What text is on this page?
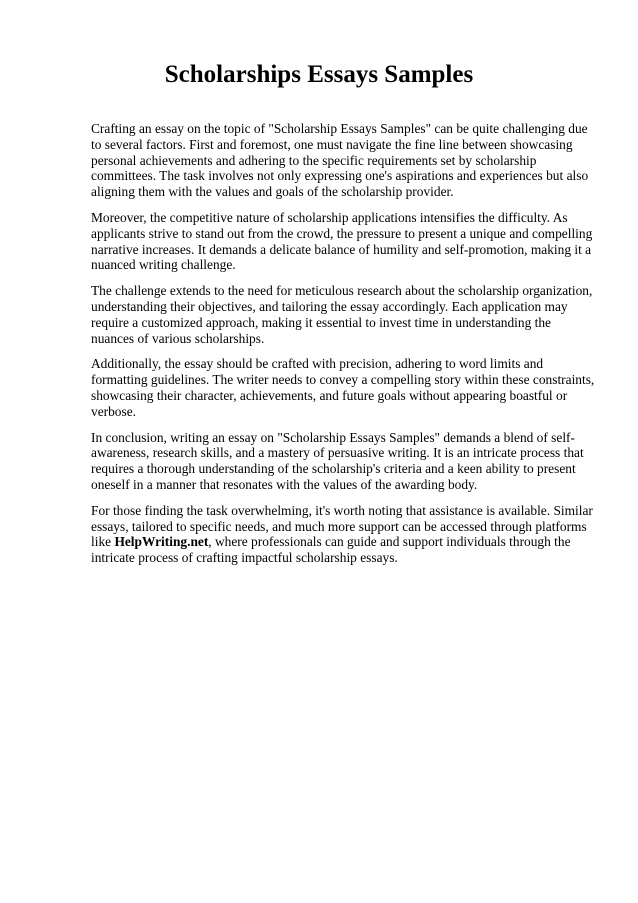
Scholarships Essays Samples

Crafting an essay on the topic of "Scholarship Essays Samples" can be quite challenging due to several factors. First and foremost, one must navigate the fine line between showcasing personal achievements and adhering to the specific requirements set by scholarship committees. The task involves not only expressing one's aspirations and experiences but also aligning them with the values and goals of the scholarship provider.

Moreover, the competitive nature of scholarship applications intensifies the difficulty. As applicants strive to stand out from the crowd, the pressure to present a unique and compelling narrative increases. It demands a delicate balance of humility and self-promotion, making it a nuanced writing challenge.

The challenge extends to the need for meticulous research about the scholarship organization, understanding their objectives, and tailoring the essay accordingly. Each application may require a customized approach, making it essential to invest time in understanding the nuances of various scholarships.

Additionally, the essay should be crafted with precision, adhering to word limits and formatting guidelines. The writer needs to convey a compelling story within these constraints, showcasing their character, achievements, and future goals without appearing boastful or verbose.

In conclusion, writing an essay on "Scholarship Essays Samples" demands a blend of self-awareness, research skills, and a mastery of persuasive writing. It is an intricate process that requires a thorough understanding of the scholarship's criteria and a keen ability to present oneself in a manner that resonates with the values of the awarding body.

For those finding the task overwhelming, it's worth noting that assistance is available. Similar essays, tailored to specific needs, and much more support can be accessed through platforms like HelpWriting.net, where professionals can guide and support individuals through the intricate process of crafting impactful scholarship essays.
